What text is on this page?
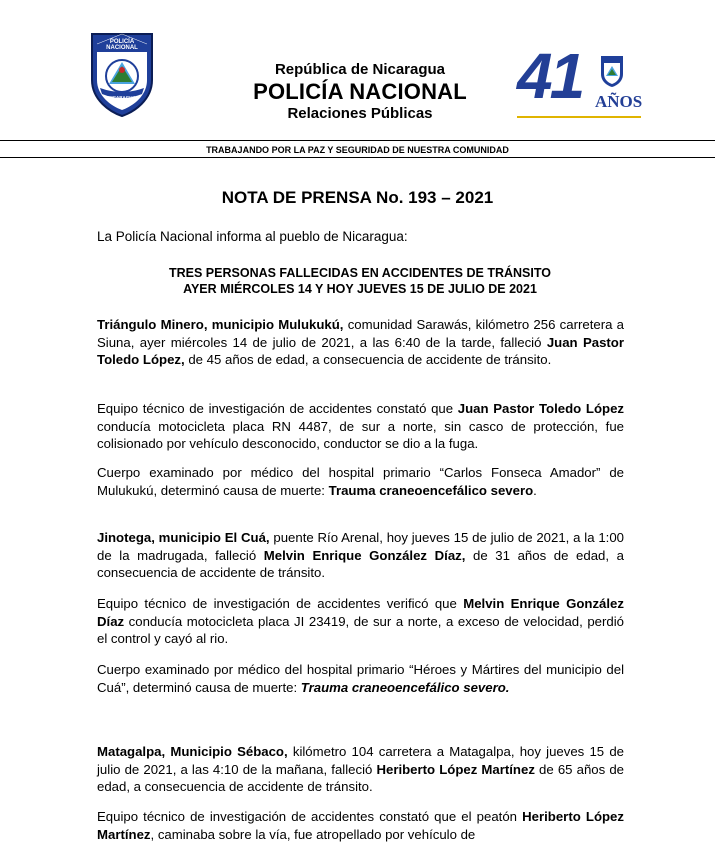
POLICÍA NACIONAL
NICARAGUA
República de Nicaragua
POLICÍA NACIONAL
Relaciones Públicas
41 AÑOS
TRABAJANDO POR LA PAZ Y SEGURIDAD DE NUESTRA COMUNIDAD
NOTA DE PRENSA No. 193 – 2021
La Policía Nacional informa al pueblo de Nicaragua:
TRES PERSONAS FALLECIDAS EN ACCIDENTES DE TRÁNSITO
AYER MIÉRCOLES 14 Y HOY JUEVES 15 DE JULIO DE 2021
Triángulo Minero, municipio Mulukukú, comunidad Sarawás, kilómetro 256 carretera a Siuna, ayer miércoles 14 de julio de 2021, a las 6:40 de la tarde, falleció Juan Pastor Toledo López, de 45 años de edad, a consecuencia de accidente de tránsito.
Equipo técnico de investigación de accidentes constató que Juan Pastor Toledo López conducía motocicleta placa RN 4487, de sur a norte, sin casco de protección, fue colisionado por vehículo desconocido, conductor se dio a la fuga.
Cuerpo examinado por médico del hospital primario “Carlos Fonseca Amador” de Mulukukú, determinó causa de muerte: Trauma craneoencefálico severo.
Jinotega, municipio El Cuá, puente Río Arenal, hoy jueves 15 de julio de 2021, a la 1:00 de la madrugada, falleció Melvin Enrique González Díaz, de 31 años de edad, a consecuencia de accidente de tránsito.
Equipo técnico de investigación de accidentes verificó que Melvin Enrique González Díaz conducía motocicleta placa JI 23419, de sur a norte, a exceso de velocidad, perdió el control y cayó al rio.
Cuerpo examinado por médico del hospital primario “Héroes y Mártires del municipio del Cuá”, determinó causa de muerte: Trauma craneoencefálico severo.
Matagalpa, Municipio Sébaco, kilómetro 104 carretera a Matagalpa, hoy jueves 15 de julio de 2021, a las 4:10 de la mañana, falleció Heriberto López Martínez de 65 años de edad, a consecuencia de accidente de tránsito.
Equipo técnico de investigación de accidentes constató que el peatón Heriberto López Martínez, caminaba sobre la vía, fue atropellado por vehículo de
